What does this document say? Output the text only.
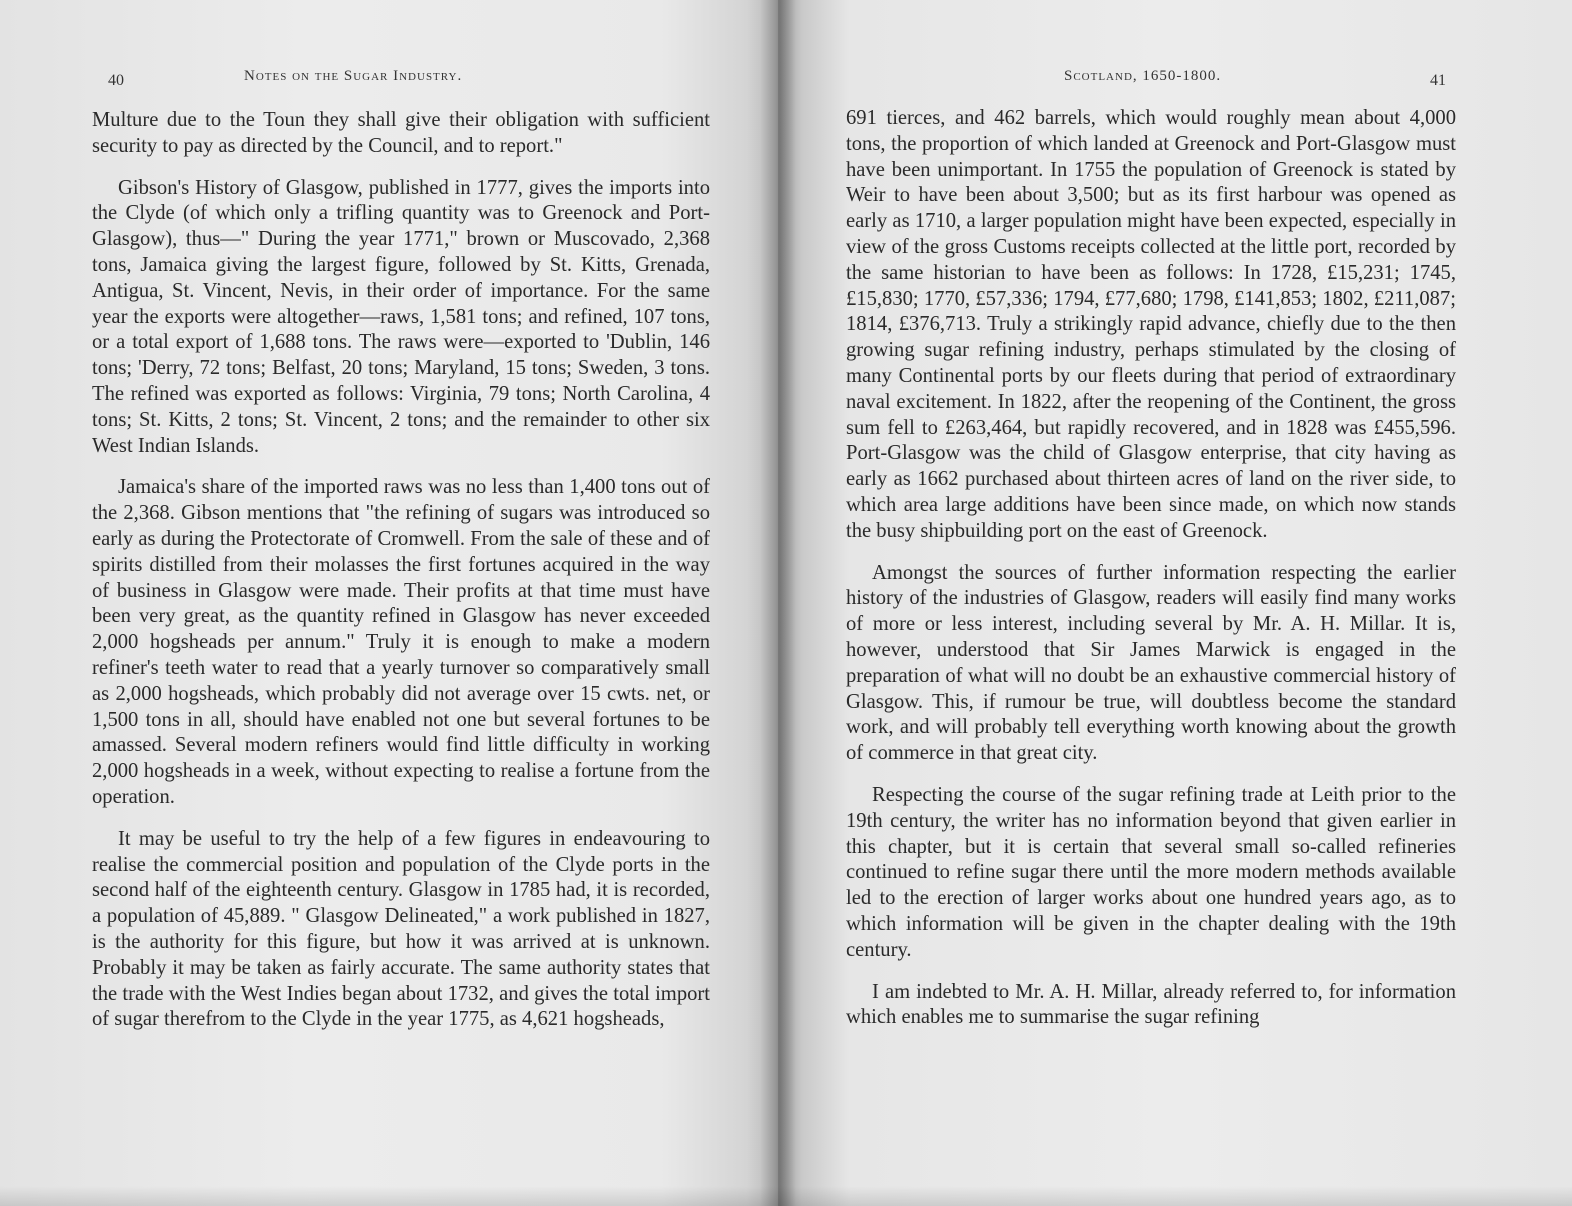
40	Notes on the Sugar Industry.

Multure due to the Toun they shall give their obligation with sufficient security to pay as directed by the Council, and to report."

Gibson's History of Glasgow, published in 1777, gives the imports into the Clyde (of which only a trifling quantity was to Greenock and Port-Glasgow), thus—" During the year 1771," brown or Muscovado, 2,368 tons, Jamaica giving the largest figure, followed by St. Kitts, Grenada, Antigua, St. Vincent, Nevis, in their order of importance. For the same year the exports were altogether—raws, 1,581 tons; and refined, 107 tons, or a total export of 1,688 tons. The raws were—exported to 'Dublin, 146 tons; 'Derry, 72 tons; Belfast, 20 tons; Maryland, 15 tons; Sweden, 3 tons. The refined was exported as follows: Virginia, 79 tons; North Carolina, 4 tons; St. Kitts, 2 tons; St. Vincent, 2 tons; and the remainder to other six West Indian Islands.

Jamaica's share of the imported raws was no less than 1,400 tons out of the 2,368. Gibson mentions that "the refining of sugars was introduced so early as during the Protectorate of Cromwell. From the sale of these and of spirits distilled from their molasses the first fortunes acquired in the way of business in Glasgow were made. Their profits at that time must have been very great, as the quantity refined in Glasgow has never exceeded 2,000 hogsheads per annum." Truly it is enough to make a modern refiner's teeth water to read that a yearly turnover so comparatively small as 2,000 hogsheads, which probably did not average over 15 cwts. net, or 1,500 tons in all, should have enabled not one but several fortunes to be amassed. Several modern refiners would find little difficulty in working 2,000 hogsheads in a week, without expecting to realise a fortune from the operation.

It may be useful to try the help of a few figures in endeavouring to realise the commercial position and population of the Clyde ports in the second half of the eighteenth century. Glasgow in 1785 had, it is recorded, a population of 45,889. " Glasgow Delineated," a work published in 1827, is the authority for this figure, but how it was arrived at is unknown. Probably it may be taken as fairly accurate. The same authority states that the trade with the West Indies began about 1732, and gives the total import of sugar therefrom to the Clyde in the year 1775, as 4,621 hogsheads,

Scotland, 1650-1800.	41

691 tierces, and 462 barrels, which would roughly mean about 4,000 tons, the proportion of which landed at Greenock and Port-Glasgow must have been unimportant. In 1755 the population of Greenock is stated by Weir to have been about 3,500; but as its first harbour was opened as early as 1710, a larger population might have been expected, especially in view of the gross Customs receipts collected at the little port, recorded by the same historian to have been as follows: In 1728, £15,231; 1745, £15,830; 1770, £57,336; 1794, £77,680; 1798, £141,853; 1802, £211,087; 1814, £376,713. Truly a strikingly rapid advance, chiefly due to the then growing sugar refining industry, perhaps stimulated by the closing of many Continental ports by our fleets during that period of extraordinary naval excitement. In 1822, after the reopening of the Continent, the gross sum fell to £263,464, but rapidly recovered, and in 1828 was £455,596. Port-Glasgow was the child of Glasgow enterprise, that city having as early as 1662 purchased about thirteen acres of land on the river side, to which area large additions have been since made, on which now stands the busy shipbuilding port on the east of Greenock.

Amongst the sources of further information respecting the earlier history of the industries of Glasgow, readers will easily find many works of more or less interest, including several by Mr. A. H. Millar. It is, however, understood that Sir James Marwick is engaged in the preparation of what will no doubt be an exhaustive commercial history of Glasgow. This, if rumour be true, will doubtless become the standard work, and will probably tell everything worth knowing about the growth of commerce in that great city.

Respecting the course of the sugar refining trade at Leith prior to the 19th century, the writer has no information beyond that given earlier in this chapter, but it is certain that several small so-called refineries continued to refine sugar there until the more modern methods available led to the erection of larger works about one hundred years ago, as to which information will be given in the chapter dealing with the 19th century.

I am indebted to Mr. A. H. Millar, already referred to, for information which enables me to summarise the sugar refining
